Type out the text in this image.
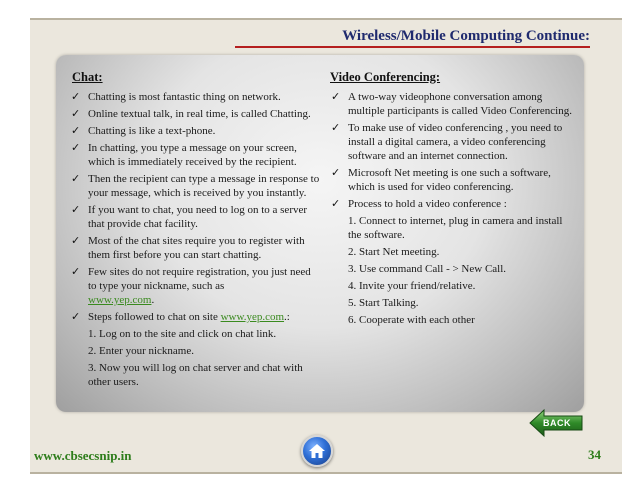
Wireless/Mobile Computing Continue:
Chat:
✓ Chatting is most fantastic thing on network.
✓ Online textual talk, in real time, is called Chatting.
✓ Chatting is like a text-phone.
✓ In chatting, you type a message on your screen, which is immediately received by the recipient.
✓ Then the recipient can type a message in response to your message, which is received by you instantly.
✓ If you want to chat, you need to log on to a server that provide chat facility.
✓ Most of the chat sites require you to register with them first before you can start chatting.
✓ Few sites do not require registration, you just need to type your nickname, such as
www.yep.com.
✓ Steps followed to chat on site www.yep.com.:
1. Log on to the site and click on chat link.
2. Enter your nickname.
3. Now you will log on chat server and chat with other users.
Video Conferencing:
✓ A two-way videophone conversation among multiple participants is called Video Conferencing.
✓ To make use of video conferencing , you need to install a digital camera, a video conferencing software and an internet connection.
✓ Microsoft Net meeting is one such a software, which is used for video conferencing.
✓ Process to hold a video conference :
1. Connect to internet, plug in camera and install the software.
2. Start Net meeting.
3. Use command Call - > New Call.
4. Invite your friend/relative.
5. Start Talking.
6. Cooperate with each other
BACK
www.cbsecsnip.in	34
